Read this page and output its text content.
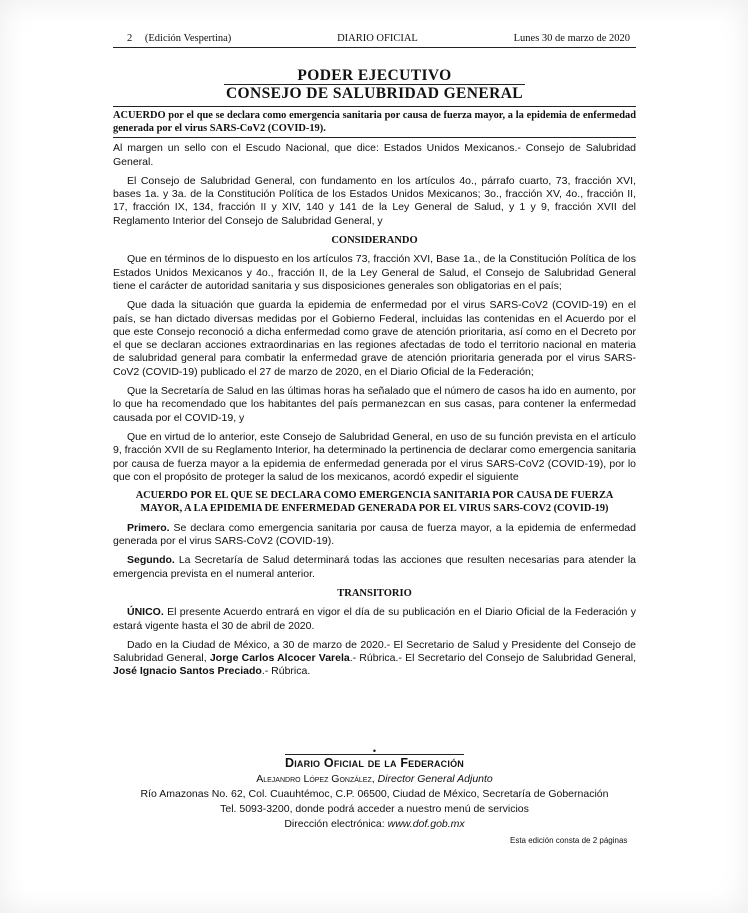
2 (Edición Vespertina)	DIARIO OFICIAL	Lunes 30 de marzo de 2020
PODER EJECUTIVO
CONSEJO DE SALUBRIDAD GENERAL
ACUERDO por el que se declara como emergencia sanitaria por causa de fuerza mayor, a la epidemia de enfermedad generada por el virus SARS-CoV2 (COVID-19).

Al margen un sello con el Escudo Nacional, que dice: Estados Unidos Mexicanos.- Consejo de Salubridad General.

El Consejo de Salubridad General, con fundamento en los artículos 4o., párrafo cuarto, 73, fracción XVI, bases 1a. y 3a. de la Constitución Política de los Estados Unidos Mexicanos; 3o., fracción XV, 4o., fracción II, 17, fracción IX, 134, fracción II y XIV, 140 y 141 de la Ley General de Salud, y 1 y 9, fracción XVII del Reglamento Interior del Consejo de Salubridad General, y

CONSIDERANDO

Que en términos de lo dispuesto en los artículos 73, fracción XVI, Base 1a., de la Constitución Política de los Estados Unidos Mexicanos y 4o., fracción II, de la Ley General de Salud, el Consejo de Salubridad General tiene el carácter de autoridad sanitaria y sus disposiciones generales son obligatorias en el país;

Que dada la situación que guarda la epidemia de enfermedad por el virus SARS-CoV2 (COVID-19) en el país, se han dictado diversas medidas por el Gobierno Federal, incluidas las contenidas en el Acuerdo por el que este Consejo reconoció a dicha enfermedad como grave de atención prioritaria, así como en el Decreto por el que se declaran acciones extraordinarias en las regiones afectadas de todo el territorio nacional en materia de salubridad general para combatir la enfermedad grave de atención prioritaria generada por el virus SARS-CoV2 (COVID-19) publicado el 27 de marzo de 2020, en el Diario Oficial de la Federación;

Que la Secretaría de Salud en las últimas horas ha señalado que el número de casos ha ido en aumento, por lo que ha recomendado que los habitantes del país permanezcan en sus casas, para contener la enfermedad causada por el COVID-19, y

Que en virtud de lo anterior, este Consejo de Salubridad General, en uso de su función prevista en el artículo 9, fracción XVII de su Reglamento Interior, ha determinado la pertinencia de declarar como emergencia sanitaria por causa de fuerza mayor a la epidemia de enfermedad generada por el virus SARS-CoV2 (COVID-19), por lo que con el propósito de proteger la salud de los mexicanos, acordó expedir el siguiente

ACUERDO POR EL QUE SE DECLARA COMO EMERGENCIA SANITARIA POR CAUSA DE FUERZA MAYOR, A LA EPIDEMIA DE ENFERMEDAD GENERADA POR EL VIRUS SARS-COV2 (COVID-19)

Primero. Se declara como emergencia sanitaria por causa de fuerza mayor, a la epidemia de enfermedad generada por el virus SARS-CoV2 (COVID-19).

Segundo. La Secretaría de Salud determinará todas las acciones que resulten necesarias para atender la emergencia prevista en el numeral anterior.

TRANSITORIO

ÚNICO. El presente Acuerdo entrará en vigor el día de su publicación en el Diario Oficial de la Federación y estará vigente hasta el 30 de abril de 2020.

Dado en la Ciudad de México, a 30 de marzo de 2020.- El Secretario de Salud y Presidente del Consejo de Salubridad General, Jorge Carlos Alcocer Varela.- Rúbrica.- El Secretario del Consejo de Salubridad General, José Ignacio Santos Preciado.- Rúbrica.

•
Diario Oficial de la Federación
Alejandro López González, Director General Adjunto
Río Amazonas No. 62, Col. Cuauhtémoc, C.P. 06500, Ciudad de México, Secretaría de Gobernación
Tel. 5093-3200, donde podrá acceder a nuestro menú de servicios
Dirección electrónica: www.dof.gob.mx
Esta edición consta de 2 páginas
